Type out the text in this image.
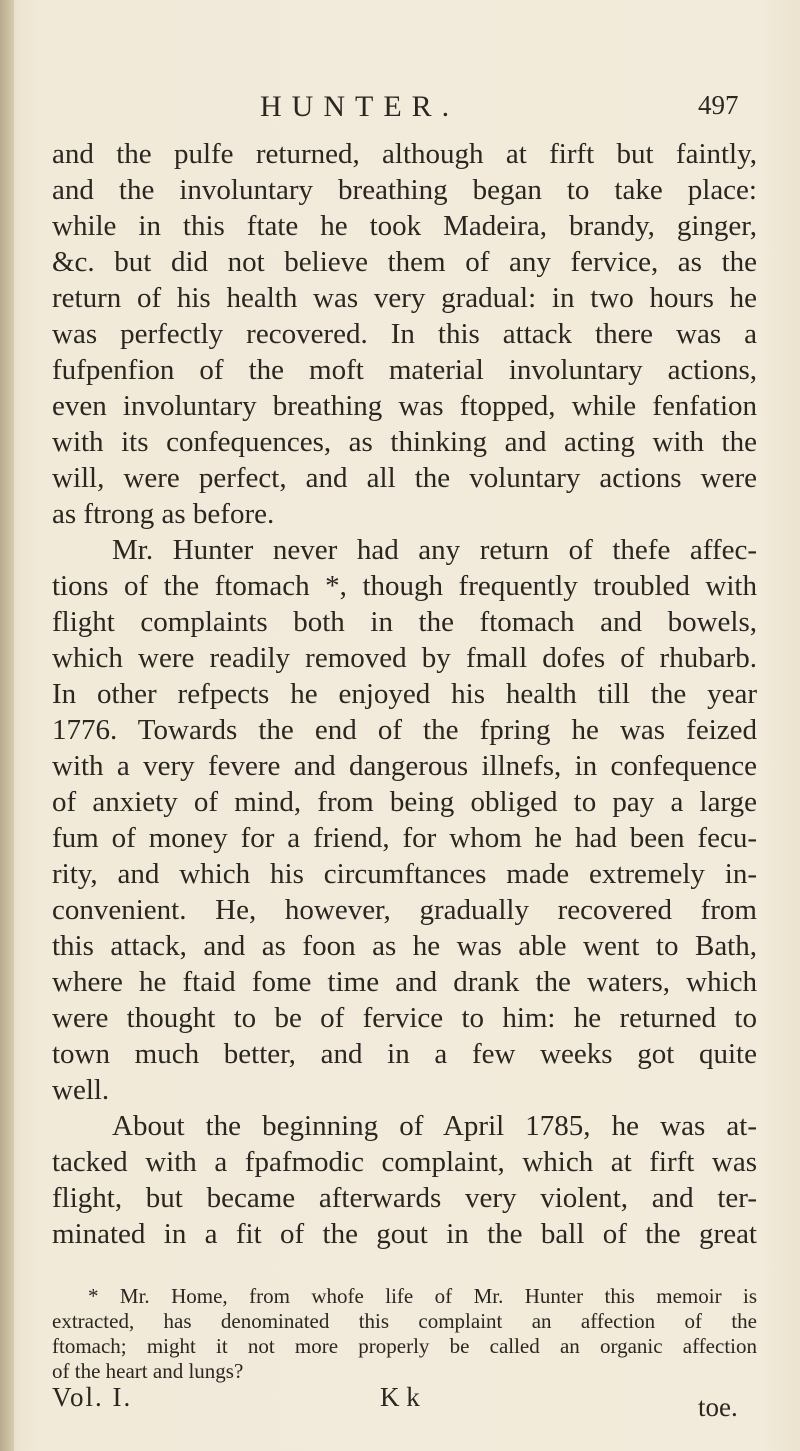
HUNTER.	497
and the pulfe returned, although at firft but faintly,
and the involuntary breathing began to take place:
while in this ftate he took Madeira, brandy, ginger,
&c. but did not believe them of any fervice, as the
return of his health was very gradual: in two hours he
was perfectly recovered. In this attack there was a
fufpenfion of the moft material involuntary actions,
even involuntary breathing was ftopped, while fenfation
with its confequences, as thinking and acting with the
will, were perfect, and all the voluntary actions were
as ftrong as before.
Mr. Hunter never had any return of thefe affec-
tions of the ftomach *, though frequently troubled with
flight complaints both in the ftomach and bowels,
which were readily removed by fmall dofes of rhubarb.
In other refpects he enjoyed his health till the year
1776. Towards the end of the fpring he was feized
with a very fevere and dangerous illnefs, in confequence
of anxiety of mind, from being obliged to pay a large
fum of money for a friend, for whom he had been fecu-
rity, and which his circumftances made extremely in-
convenient. He, however, gradually recovered from
this attack, and as foon as he was able went to Bath,
where he ftaid fome time and drank the waters, which
were thought to be of fervice to him: he returned to
town much better, and in a few weeks got quite
well.
About the beginning of April 1785, he was at-
tacked with a fpafmodic complaint, which at firft was
flight, but became afterwards very violent, and ter-
minated in a fit of the gout in the ball of the great
* Mr. Home, from whofe life of Mr. Hunter this memoir is
extracted, has denominated this complaint an affection of the
ftomach; might it not more properly be called an organic affection
of the heart and lungs?
Vol. I.	K k	toe.
